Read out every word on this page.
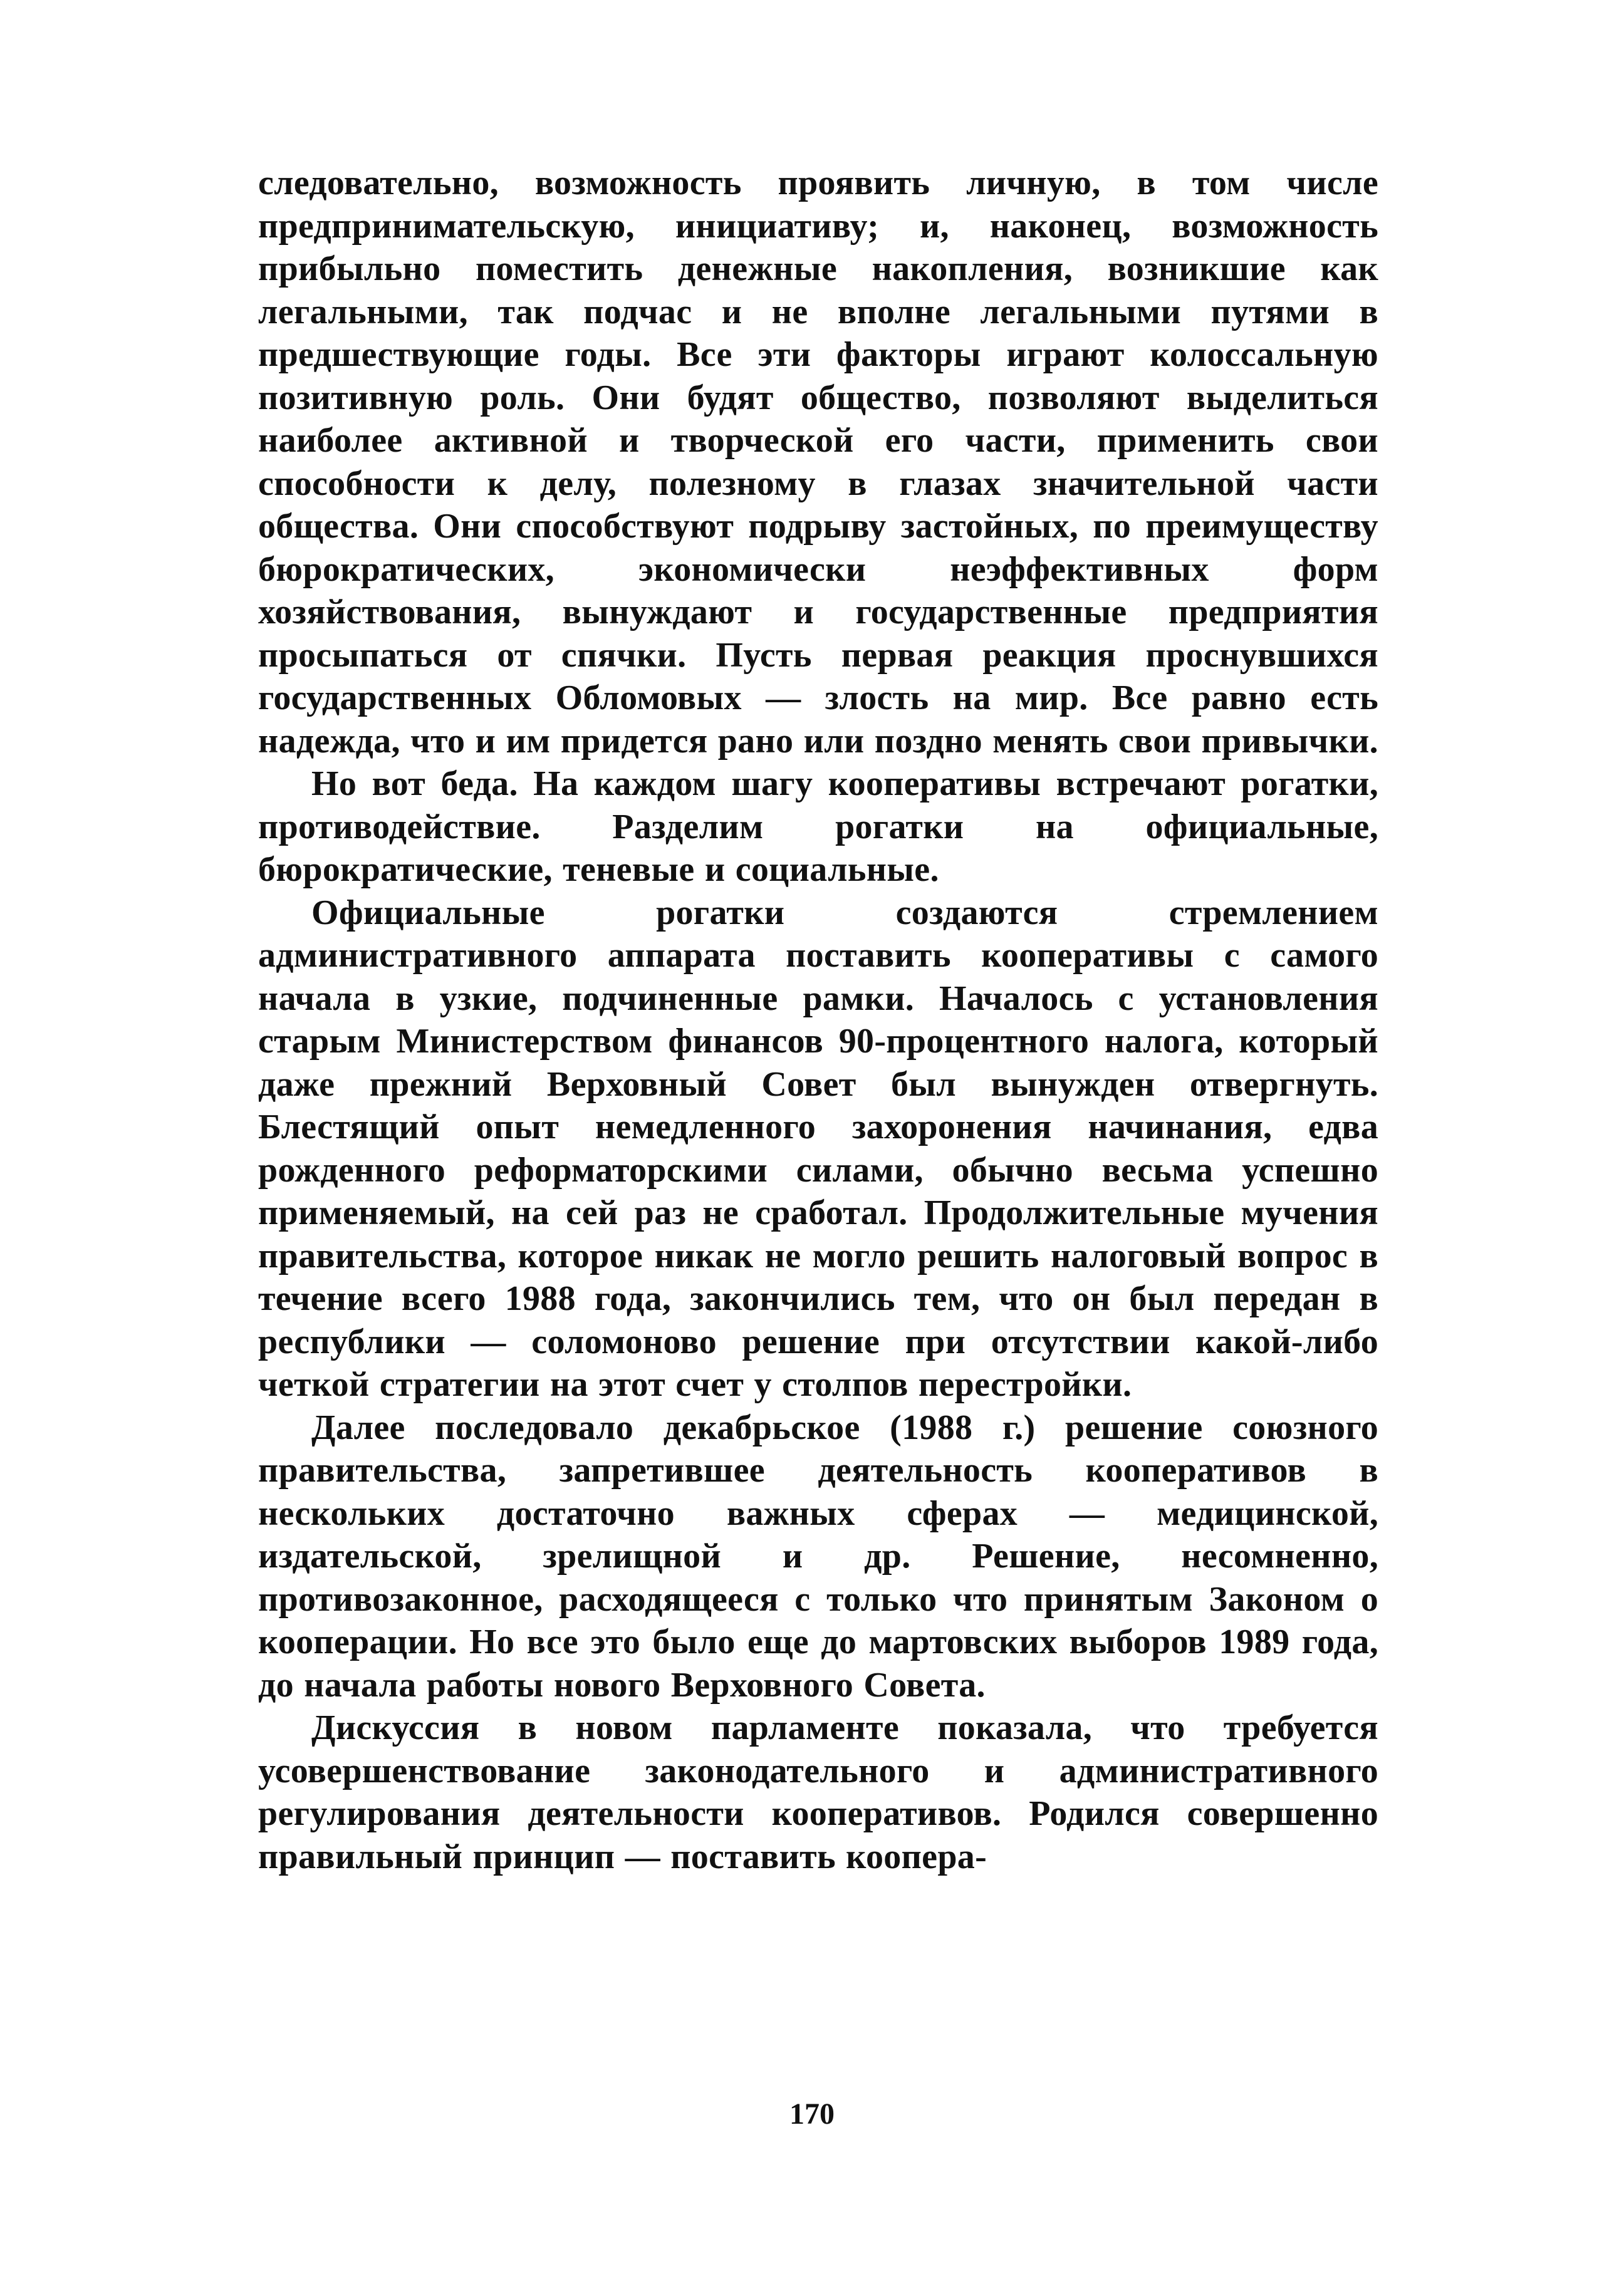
следовательно, возможность проявить личную, в том числе предпринимательскую, инициативу; и, наконец, возможность прибыльно поместить денежные накопления, возникшие как легальными, так подчас и не вполне легальными путями в предшествующие годы. Все эти факторы играют колоссальную позитивную роль. Они будят общество, позволяют выделиться наиболее активной и творческой его части, применить свои способности к делу, полезному в глазах значительной части общества. Они способствуют подрыву застойных, по преимуществу бюрократических, экономически неэффективных форм хозяйствования, вынуждают и государственные предприятия просыпаться от спячки. Пусть первая реакция проснувшихся государственных Обломовых — злость на мир. Все равно есть надежда, что и им придется рано или поздно менять свои привычки.

Но вот беда. На каждом шагу кооперативы встречают рогатки, противодействие. Разделим рогатки на официальные, бюрократические, теневые и социальные.

Официальные рогатки создаются стремлением административного аппарата поставить кооперативы с самого начала в узкие, подчиненные рамки. Началось с установления старым Министерством финансов 90-процентного налога, который даже прежний Верховный Совет был вынужден отвергнуть. Блестящий опыт немедленного захоронения начинания, едва рожденного реформаторскими силами, обычно весьма успешно применяемый, на сей раз не сработал. Продолжительные мучения правительства, которое никак не могло решить налоговый вопрос в течение всего 1988 года, закончились тем, что он был передан в республики — соломоново решение при отсутствии какой-либо четкой стратегии на этот счет у столпов перестройки.

Далее последовало декабрьское (1988 г.) решение союзного правительства, запретившее деятельность кооперативов в нескольких достаточно важных сферах — медицинской, издательской, зрелищной и др. Решение, несомненно, противозаконное, расходящееся с только что принятым Законом о кооперации. Но все это было еще до мартовских выборов 1989 года, до начала работы нового Верховного Совета.

Дискуссия в новом парламенте показала, что требуется усовершенствование законодательного и административного регулирования деятельности кооперативов. Родился совершенно правильный принцип — поставить коопера-

170
